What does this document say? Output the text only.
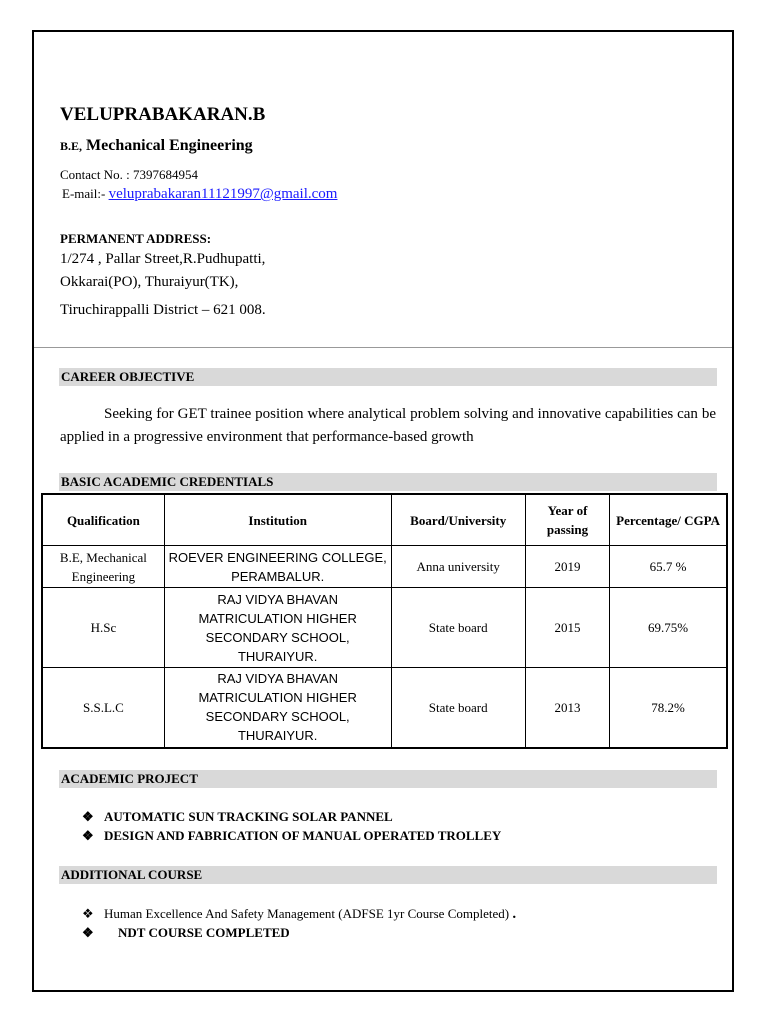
VELUPRABAKARAN.B
B.E, Mechanical Engineering
Contact No. : 7397684954
E-mail:- veluprabakaran11121997@gmail.com
PERMANENT ADDRESS:
1/274 , Pallar Street,R.Pudhupatti,
Okkarai(PO), Thuraiyur(TK),
Tiruchirappalli District – 621 008.
CAREER OBJECTIVE
Seeking for GET trainee position where analytical problem solving and innovative capabilities can be applied in a progressive environment that performance-based growth
BASIC ACADEMIC CREDENTIALS
Qualification	Institution	Board/University	Year of passing	Percentage/ CGPA
B.E, Mechanical Engineering	ROEVER ENGINEERING COLLEGE, PERAMBALUR.	Anna university	2019	65.7 %
H.Sc	RAJ VIDYA BHAVAN MATRICULATION HIGHER SECONDARY SCHOOL, THURAIYUR.	State board	2015	69.75%
S.S.L.C	RAJ VIDYA BHAVAN MATRICULATION HIGHER SECONDARY SCHOOL, THURAIYUR.	State board	2013	78.2%
ACADEMIC PROJECT
❖ AUTOMATIC SUN TRACKING SOLAR PANNEL
❖ DESIGN AND FABRICATION OF MANUAL OPERATED TROLLEY
ADDITIONAL COURSE
❖ Human Excellence And Safety Management (ADFSE 1yr Course Completed) .
❖ NDT COURSE COMPLETED
